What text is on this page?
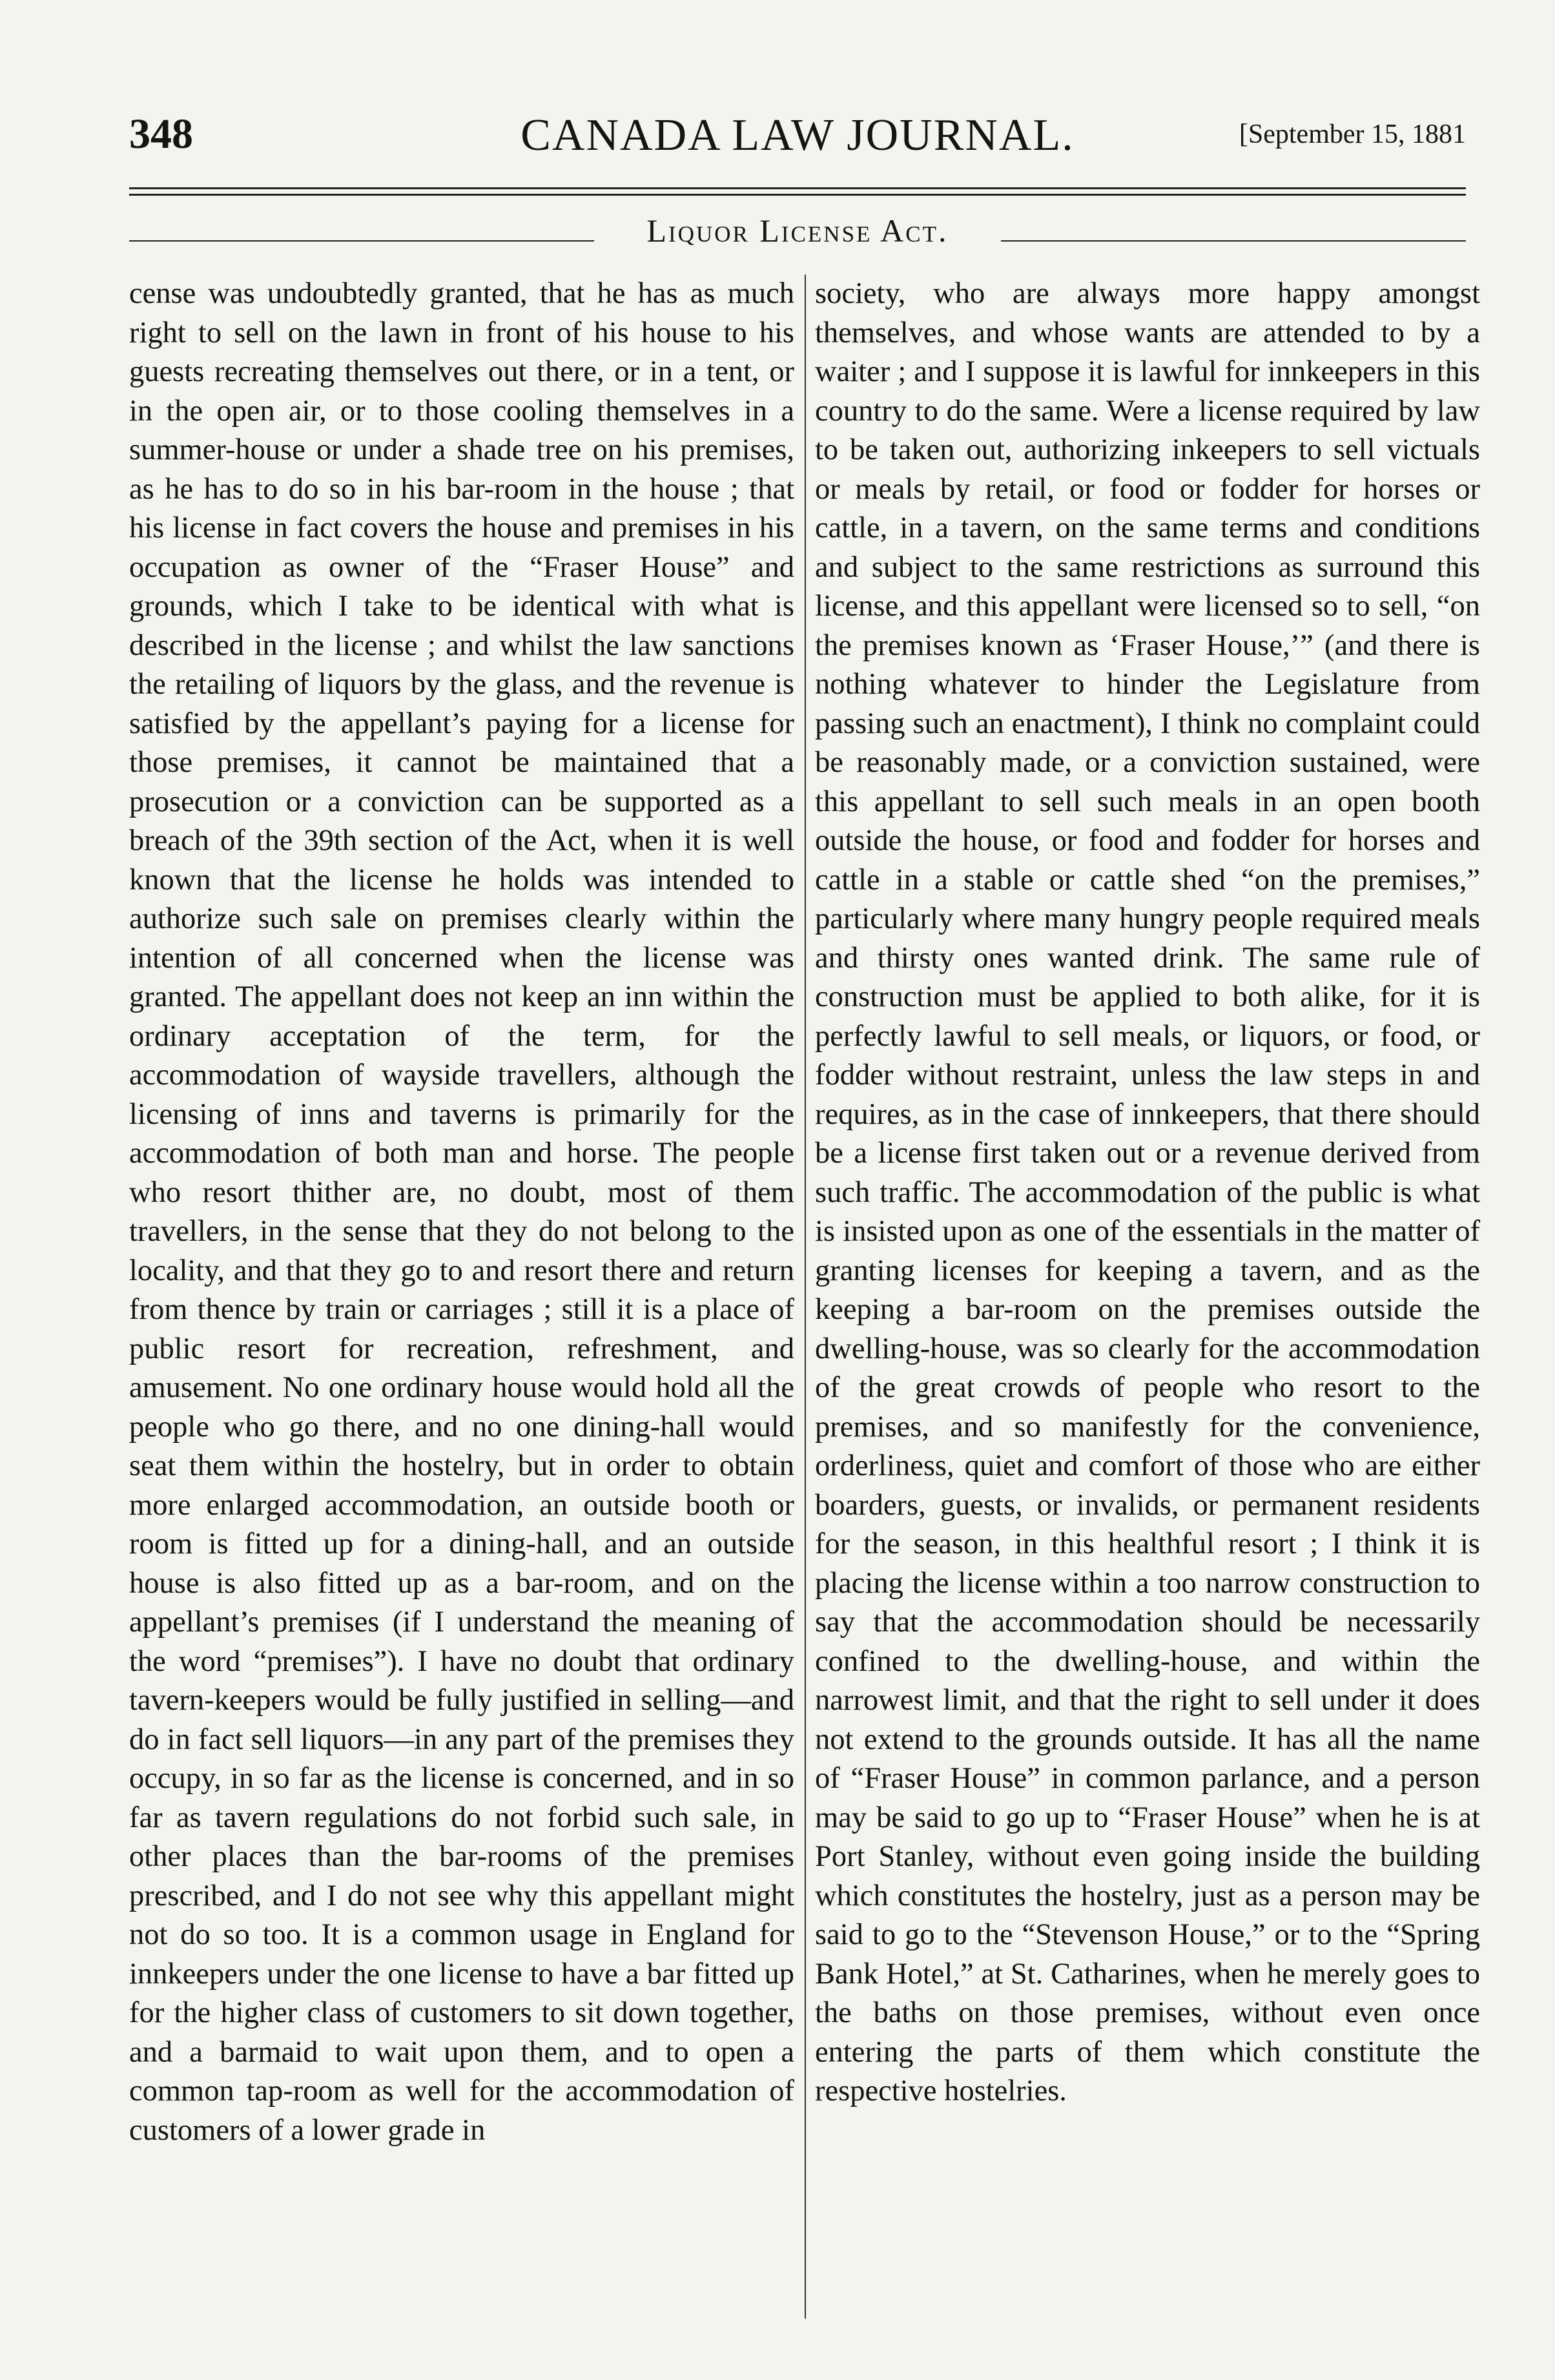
348	CANADA LAW JOURNAL.	[September 15, 1881
Liquor License Act.

cense was undoubtedly granted, that he has as much right to sell on the lawn in front of his house to his guests recreating themselves out there, or in a tent, or in the open air, or to those cooling themselves in a summer-house or under a shade tree on his premises, as he has to do so in his bar-room in the house ; that his license in fact covers the house and premises in his occupation as owner of the “Fraser House” and grounds, which I take to be identical with what is described in the license ; and whilst the law sanctions the retailing of liquors by the glass, and the revenue is satisfied by the appellant’s paying for a license for those premises, it cannot be maintained that a prosecution or a conviction can be supported as a breach of the 39th section of the Act, when it is well known that the license he holds was intended to authorize such sale on premises clearly within the intention of all concerned when the license was granted. The appellant does not keep an inn within the ordinary acceptation of the term, for the accommodation of wayside travellers, although the licensing of inns and taverns is primarily for the accommodation of both man and horse. The people who resort thither are, no doubt, most of them travellers, in the sense that they do not belong to the locality, and that they go to and resort there and return from thence by train or carriages ; still it is a place of public resort for recreation, refreshment, and amusement. No one ordinary house would hold all the people who go there, and no one dining-hall would seat them within the hostelry, but in order to obtain more enlarged accommodation, an outside booth or room is fitted up for a dining-hall, and an outside house is also fitted up as a bar-room, and on the appellant’s premises (if I understand the meaning of the word “premises”). I have no doubt that ordinary tavern-keepers would be fully justified in selling—and do in fact sell liquors—in any part of the premises they occupy, in so far as the license is concerned, and in so far as tavern regulations do not forbid such sale, in other places than the bar-rooms of the premises prescribed, and I do not see why this appellant might not do so too. It is a common usage in England for innkeepers under the one license to have a bar fitted up for the higher class of customers to sit down together, and a barmaid to wait upon them, and to open a common tap-room as well for the accommodation of customers of a lower grade in

society, who are always more happy amongst themselves, and whose wants are attended to by a waiter ; and I suppose it is lawful for innkeepers in this country to do the same. Were a license required by law to be taken out, authorizing inkeepers to sell victuals or meals by retail, or food or fodder for horses or cattle, in a tavern, on the same terms and conditions and subject to the same restrictions as surround this license, and this appellant were licensed so to sell, “on the premises known as ‘Fraser House,’” (and there is nothing whatever to hinder the Legislature from passing such an enactment), I think no complaint could be reasonably made, or a conviction sustained, were this appellant to sell such meals in an open booth outside the house, or food and fodder for horses and cattle in a stable or cattle shed “on the premises,” particularly where many hungry people required meals and thirsty ones wanted drink. The same rule of construction must be applied to both alike, for it is perfectly lawful to sell meals, or liquors, or food, or fodder without restraint, unless the law steps in and requires, as in the case of innkeepers, that there should be a license first taken out or a revenue derived from such traffic. The accommodation of the public is what is insisted upon as one of the essentials in the matter of granting licenses for keeping a tavern, and as the keeping a bar-room on the premises outside the dwelling-house, was so clearly for the accommodation of the great crowds of people who resort to the premises, and so manifestly for the convenience, orderliness, quiet and comfort of those who are either boarders, guests, or invalids, or permanent residents for the season, in this healthful resort ; I think it is placing the license within a too narrow construction to say that the accommodation should be necessarily confined to the dwelling-house, and within the narrowest limit, and that the right to sell under it does not extend to the grounds outside. It has all the name of “Fraser House” in common parlance, and a person may be said to go up to “Fraser House” when he is at Port Stanley, without even going inside the building which constitutes the hostelry, just as a person may be said to go to the “Stevenson House,” or to the “Spring Bank Hotel,” at St. Catharines, when he merely goes to the baths on those premises, without even once entering the parts of them which constitute the respective hostelries.
